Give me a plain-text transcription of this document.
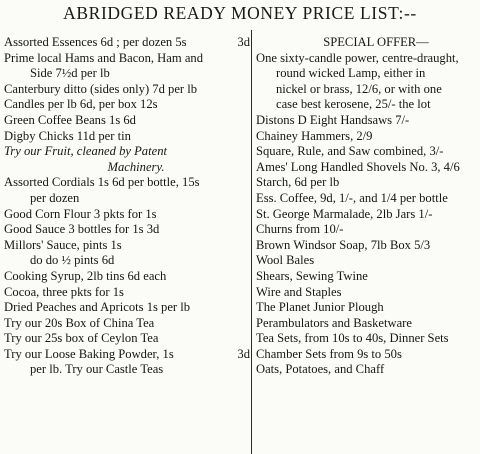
ABRIDGED READY MONEY PRICE LIST:--
Assorted Essences 6d ; per dozen 5s	3d
Prime local Hams and Bacon, Ham and
Side 7½d per lb
Canterbury ditto (sides only) 7d per lb
Candles per lb 6d, per box 12s
Green Coffee Beans 1s 6d
Digby Chicks 11d per tin
Try our Fruit, cleaned by Patent
Machinery.
Assorted Cordials 1s 6d per bottle, 15s
per dozen
Good Corn Flour 3 pkts for 1s
Good Sauce 3 bottles for 1s 3d
Millors' Sauce, pints 1s
do do ½ pints 6d
Cooking Syrup, 2lb tins 6d each
Cocoa, three pkts for 1s
Dried Peaches and Apricots 1s per lb
Try our 20s Box of China Tea
Try our 25s box of Ceylon Tea
Try our Loose Baking Powder, 1s	3d
per lb. Try our Castle Teas
SPECIAL OFFER—
One sixty-candle power, centre-draught,
round wicked Lamp, either in
nickel or brass, 12/6, or with one
case best kerosene, 25/- the lot
Distons D Eight Handsaws 7/-
Chainey Hammers, 2/9
Square, Rule, and Saw combined, 3/-
Ames' Long Handled Shovels No. 3, 4/6
Starch, 6d per lb
Ess. Coffee, 9d, 1/-, and 1/4 per bottle
St. George Marmalade, 2lb Jars 1/-
Churns from 10/-
Brown Windsor Soap, 7lb Box 5/3
Wool Bales
Shears, Sewing Twine
Wire and Staples
The Planet Junior Plough
Perambulators and Basketware
Tea Sets, from 10s to 40s, Dinner Sets
Chamber Sets from 9s to 50s
Oats, Potatoes, and Chaff
